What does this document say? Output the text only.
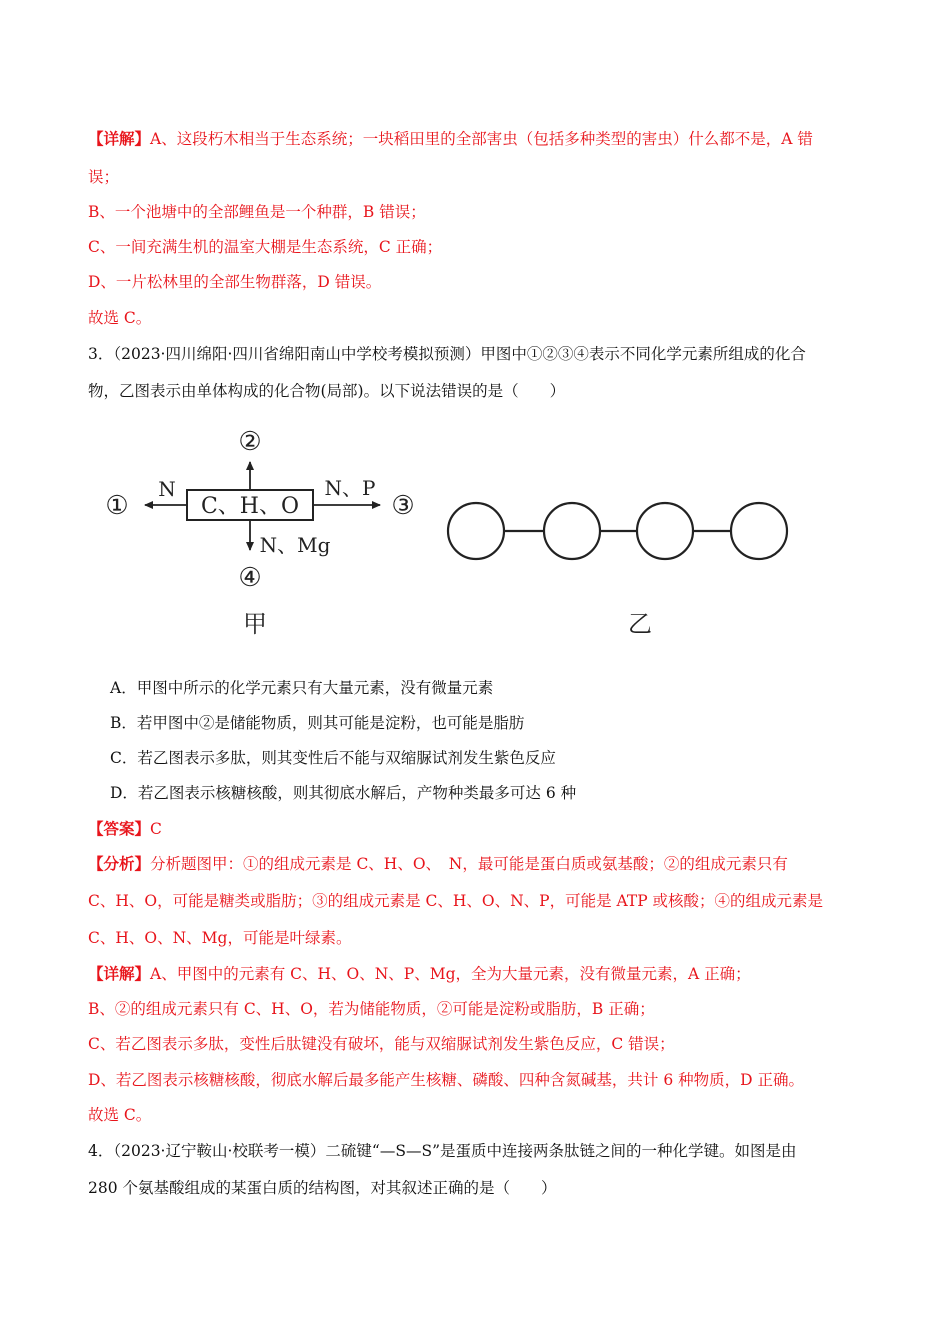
【详解】A、这段朽木相当于生态系统；一块稻田里的全部害虫（包括多种类型的害虫）什么都不是，A 错
误；
B、一个池塘中的全部鲤鱼是一个种群，B 错误；
C、一间充满生机的温室大棚是生态系统，C 正确；
D、一片松林里的全部生物群落，D 错误。
故选 C。
3．（2023·四川绵阳·四川省绵阳南山中学校考模拟预测）甲图中①②③④表示不同化学元素所组成的化合
物，乙图表示由单体构成的化合物(局部)。以下说法错误的是（　　）
C、H、O
N
①
②
N、P
③
N、Mg
④
甲	乙
A．甲图中所示的化学元素只有大量元素，没有微量元素
B．若甲图中②是储能物质，则其可能是淀粉，也可能是脂肪
C．若乙图表示多肽，则其变性后不能与双缩脲试剂发生紫色反应
D．若乙图表示核糖核酸，则其彻底水解后，产物种类最多可达 6 种
【答案】C
【分析】分析题图甲：①的组成元素是 C、H、O、　N，最可能是蛋白质或氨基酸；②的组成元素只有
C、H、O，可能是糖类或脂肪；③的组成元素是 C、H、O、N、P，可能是 ATP 或核酸；④的组成元素是
C、H、O、N、Mg，可能是叶绿素。
【详解】A、甲图中的元素有 C、H、O、N、P、Mg，全为大量元素，没有微量元素，A 正确；
B、②的组成元素只有 C、H、O，若为储能物质，②可能是淀粉或脂肪，B 正确；
C、若乙图表示多肽，变性后肽键没有破坏，能与双缩脲试剂发生紫色反应，C 错误；
D、若乙图表示核糖核酸，彻底水解后最多能产生核糖、磷酸、四种含氮碱基，共计 6 种物质，D 正确。
故选 C。
4．（2023·辽宁鞍山·校联考一模）二硫键“—S—S”是蛋质中连接两条肽链之间的一种化学键。如图是由
280 个氨基酸组成的某蛋白质的结构图，对其叙述正确的是（　　）
